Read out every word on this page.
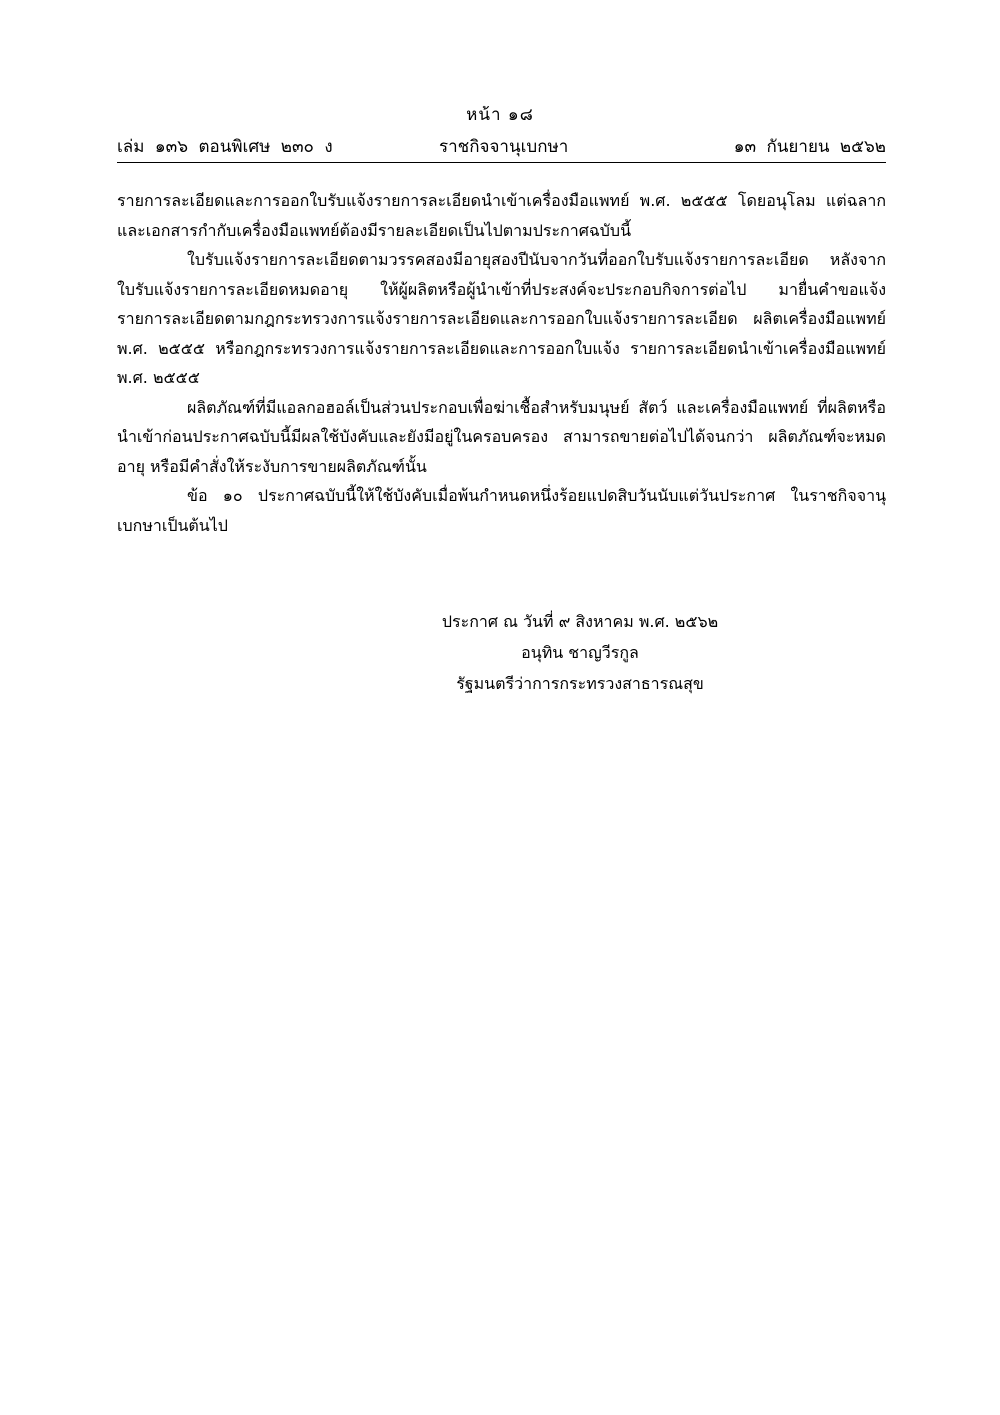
หน้า ๑๘
เล่ม ๑๓๖ ตอนพิเศษ ๒๓๐ ง	ราชกิจจานุเบกษา	๑๓ กันยายน ๒๕๖๒

รายการละเอียดและการออกใบรับแจ้งรายการละเอียดนำเข้าเครื่องมือแพทย์ พ.ศ. ๒๕๕๕ โดยอนุโลม แต่ฉลากและเอกสารกำกับเครื่องมือแพทย์ต้องมีรายละเอียดเป็นไปตามประกาศฉบับนี้

ใบรับแจ้งรายการละเอียดตามวรรคสองมีอายุสองปีนับจากวันที่ออกใบรับแจ้งรายการละเอียด หลังจากใบรับแจ้งรายการละเอียดหมดอายุ ให้ผู้ผลิตหรือผู้นำเข้าที่ประสงค์จะประกอบกิจการต่อไป มายื่นคำขอแจ้งรายการละเอียดตามกฎกระทรวงการแจ้งรายการละเอียดและการออกใบแจ้งรายการละเอียด ผลิตเครื่องมือแพทย์ พ.ศ. ๒๕๕๕ หรือกฎกระทรวงการแจ้งรายการละเอียดและการออกใบแจ้ง รายการละเอียดนำเข้าเครื่องมือแพทย์ พ.ศ. ๒๕๕๕

ผลิตภัณฑ์ที่มีแอลกอฮอล์เป็นส่วนประกอบเพื่อฆ่าเชื้อสำหรับมนุษย์ สัตว์ และเครื่องมือแพทย์ ที่ผลิตหรือนำเข้าก่อนประกาศฉบับนี้มีผลใช้บังคับและยังมีอยู่ในครอบครอง สามารถขายต่อไปได้จนกว่า ผลิตภัณฑ์จะหมดอายุ หรือมีคำสั่งให้ระงับการขายผลิตภัณฑ์นั้น

ข้อ ๑๐ ประกาศฉบับนี้ให้ใช้บังคับเมื่อพ้นกำหนดหนึ่งร้อยแปดสิบวันนับแต่วันประกาศ ในราชกิจจานุเบกษาเป็นต้นไป

ประกาศ ณ วันที่ ๙ สิงหาคม พ.ศ. ๒๕๖๒
อนุทิน ชาญวีรกูล
รัฐมนตรีว่าการกระทรวงสาธารณสุข
